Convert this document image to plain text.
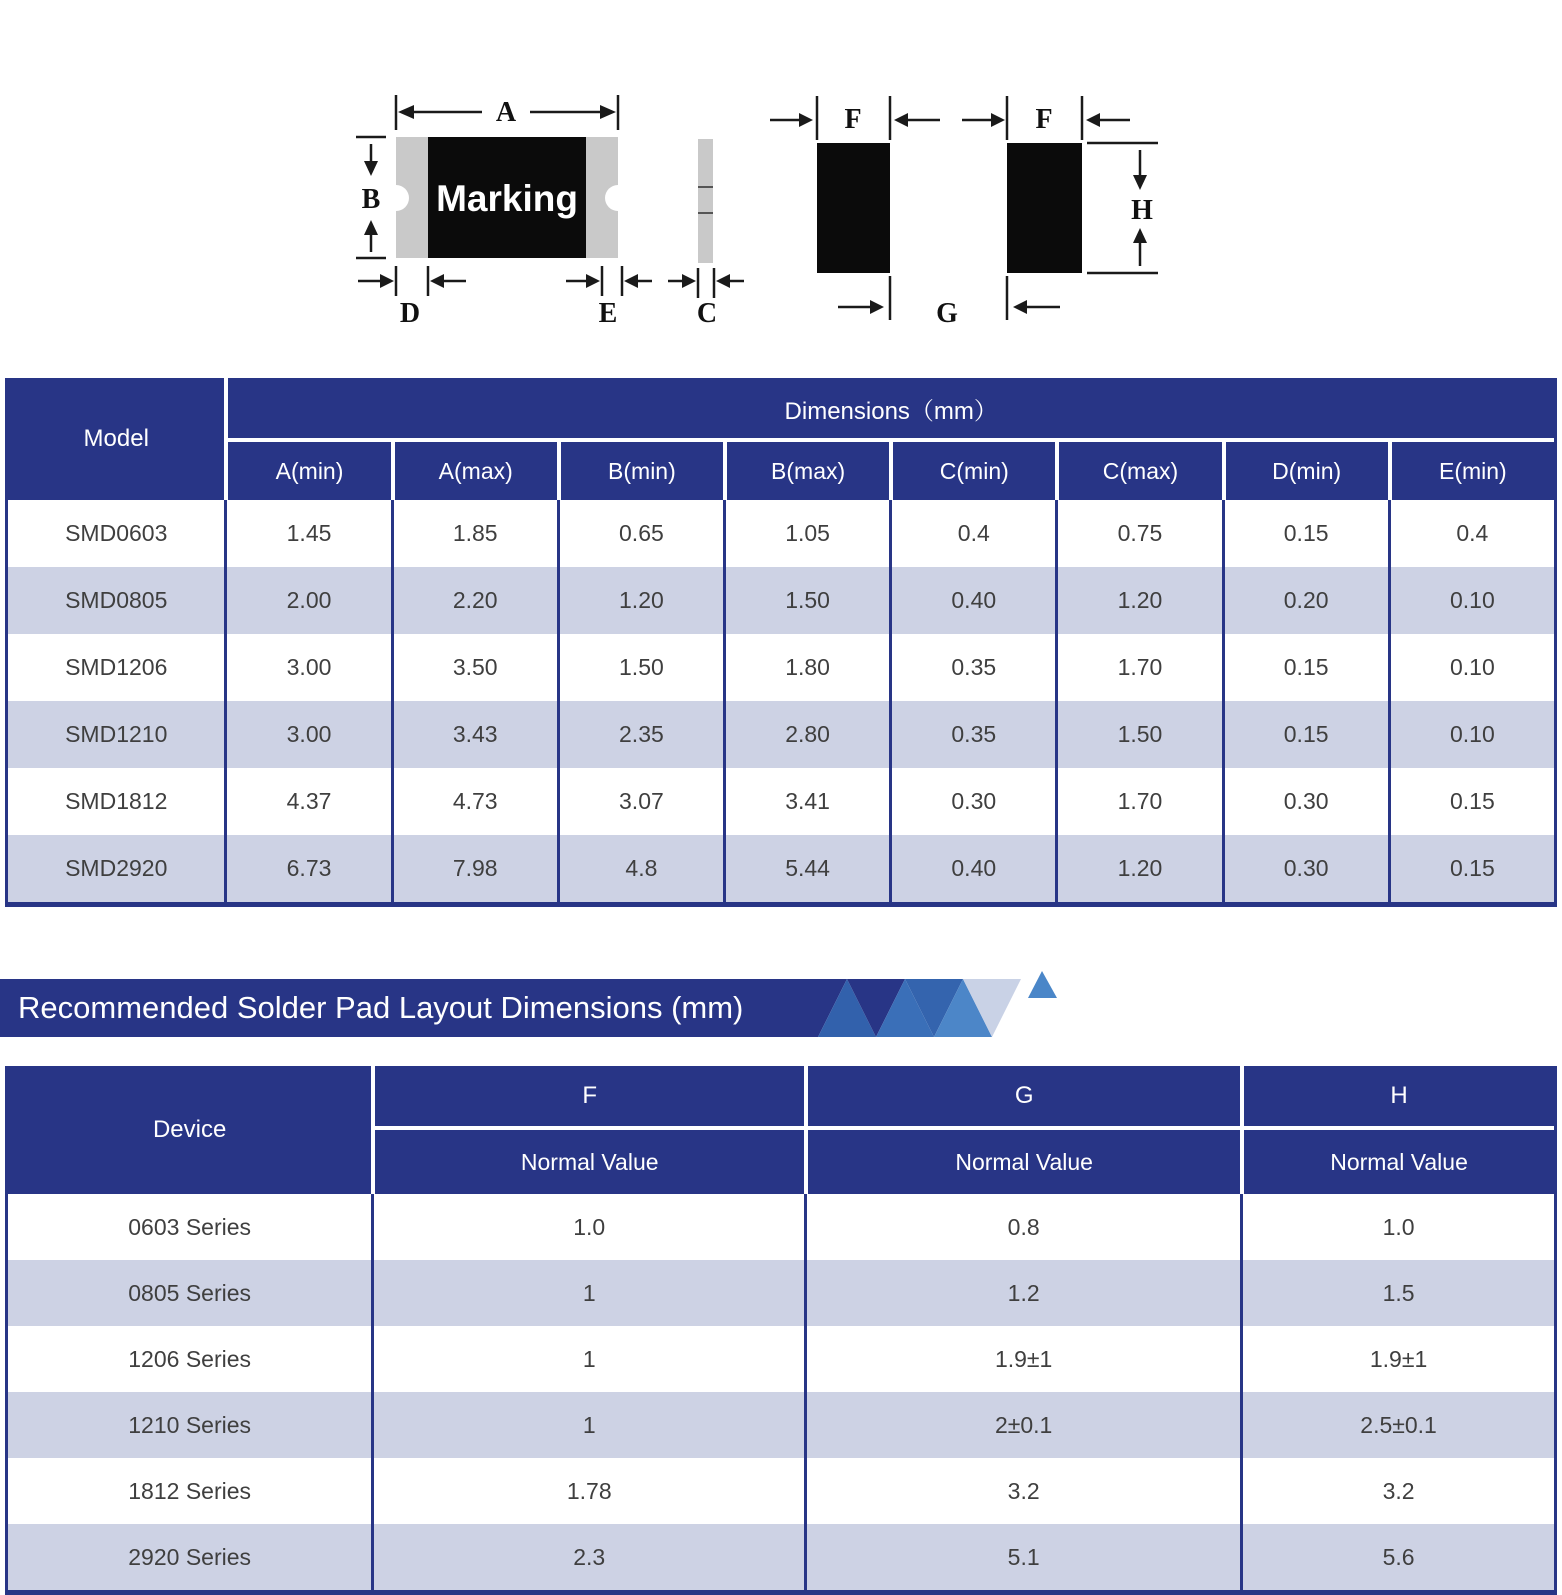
A
Marking
B
D	E	C
F	F
H
G
Model	Dimensions（mm）							
	A(min)	A(max)	B(min)	B(max)	C(min)	C(max)	D(min)	E(min)
SMD0603	1.45	1.85	0.65	1.05	0.4	0.75	0.15	0.4
SMD0805	2.00	2.20	1.20	1.50	0.40	1.20	0.20	0.10
SMD1206	3.00	3.50	1.50	1.80	0.35	1.70	0.15	0.10
SMD1210	3.00	3.43	2.35	2.80	0.35	1.50	0.15	0.10
SMD1812	4.37	4.73	3.07	3.41	0.30	1.70	0.30	0.15
SMD2920	6.73	7.98	4.8	5.44	0.40	1.20	0.30	0.15
Recommended Solder Pad Layout Dimensions (mm)
Device	F	G	H
	Normal Value	Normal Value	Normal Value
0603 Series	1.0	0.8	1.0
0805 Series	1	1.2	1.5
1206 Series	1	1.9±1	1.9±1
1210 Series	1	2±0.1	2.5±0.1
1812 Series	1.78	3.2	3.2
2920 Series	2.3	5.1	5.6
